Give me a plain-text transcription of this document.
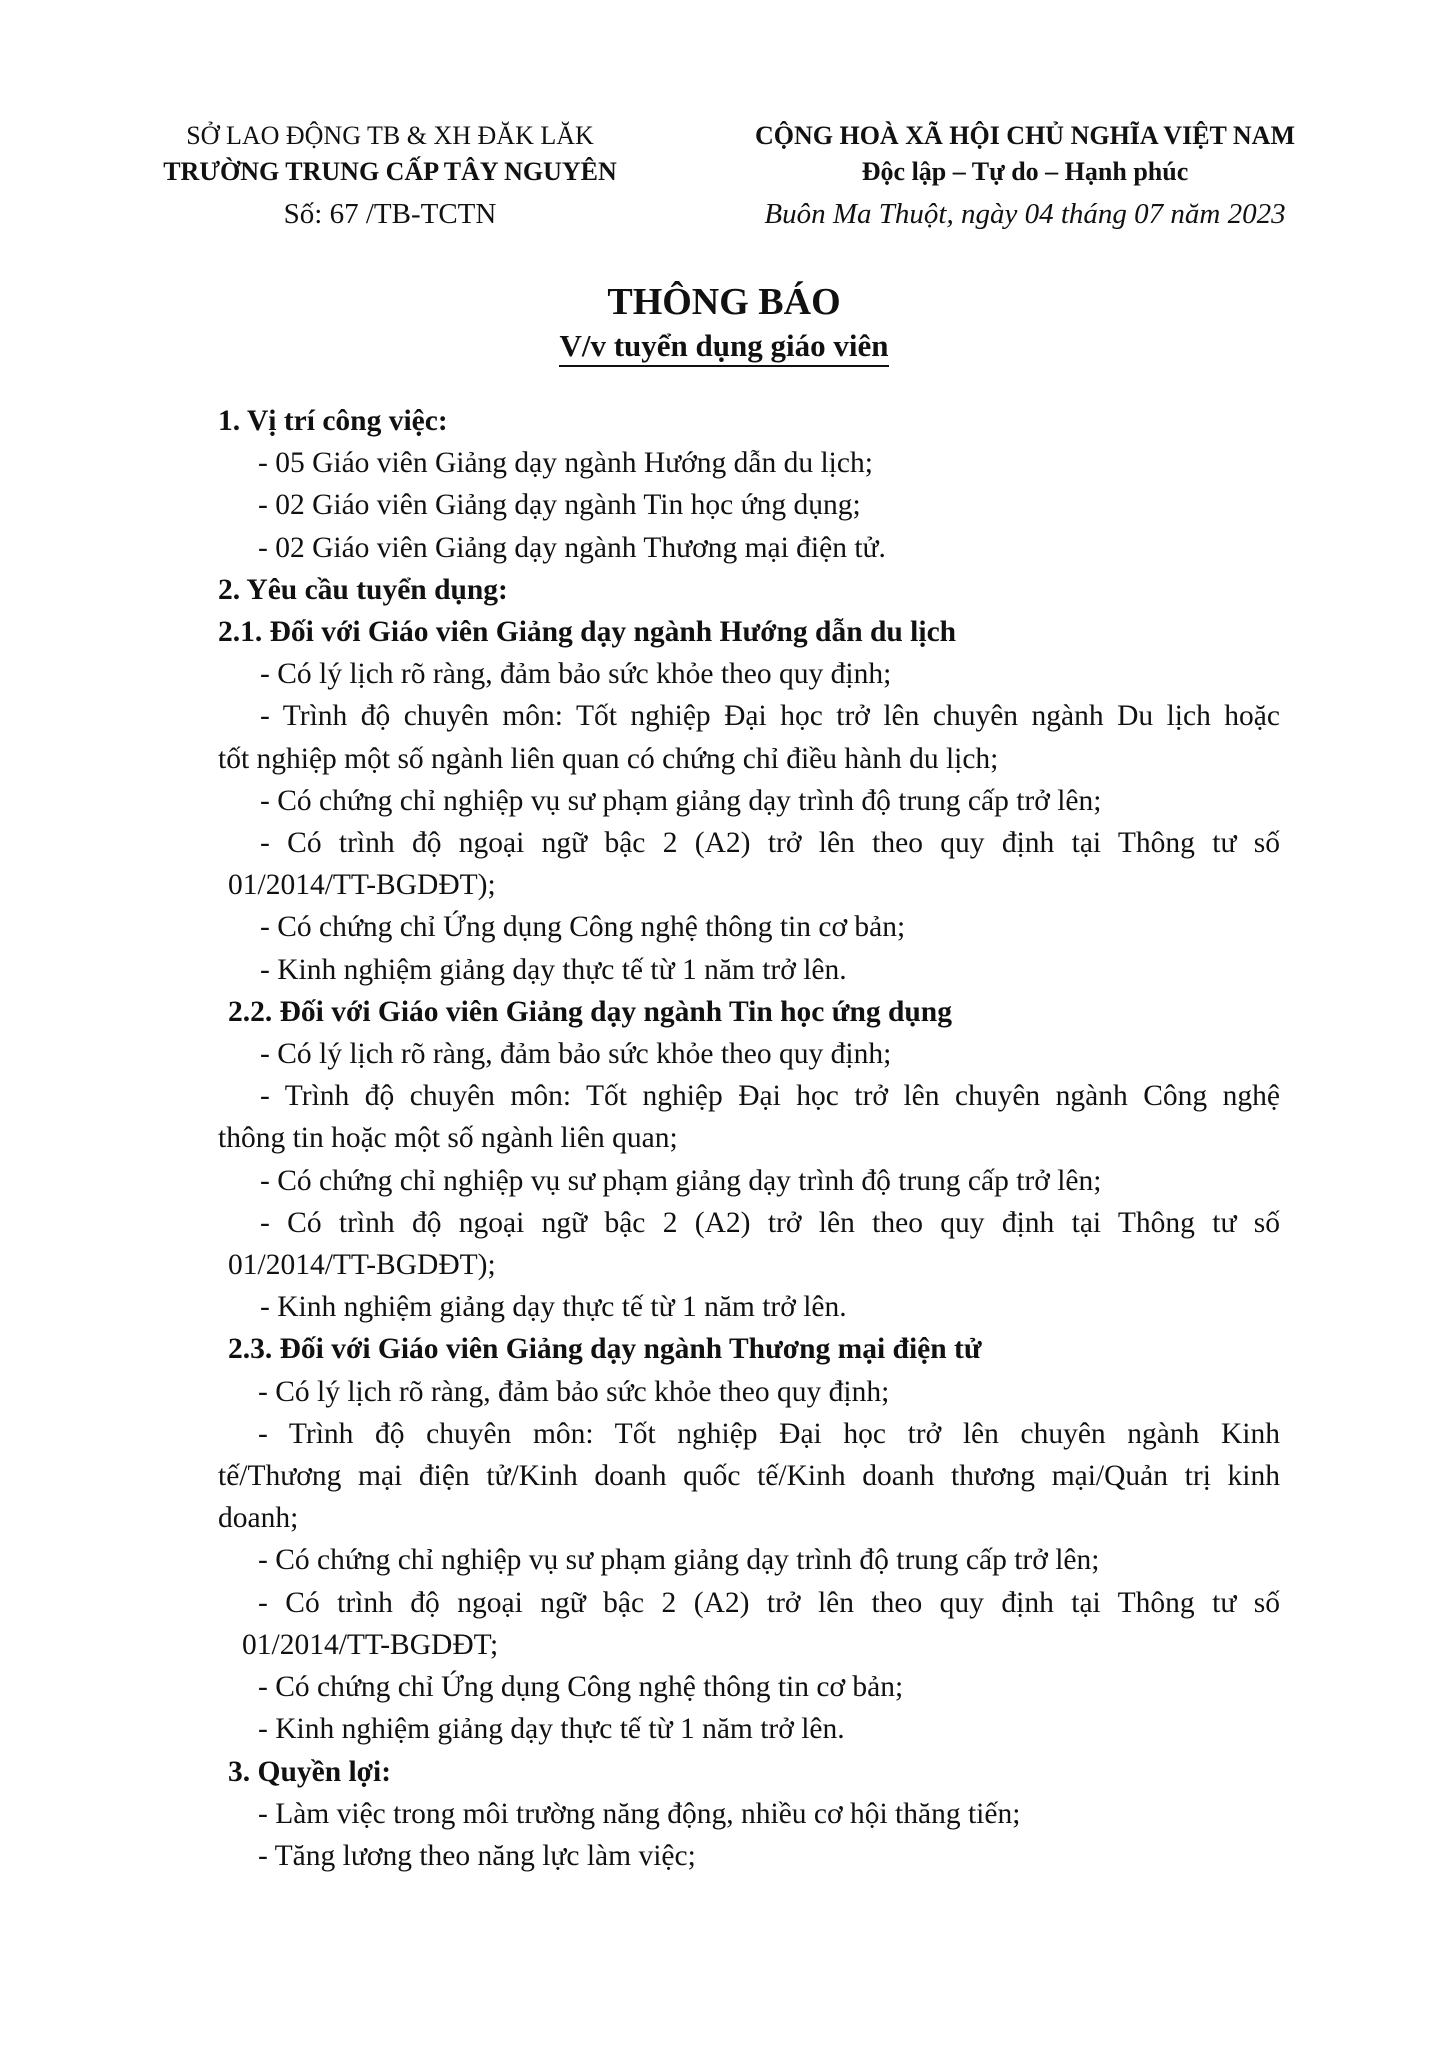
SỞ LAO ĐỘNG TB & XH ĐĂK LĂK
TRƯỜNG TRUNG CẤP TÂY NGUYÊN
CỘNG HOÀ XÃ HỘI CHỦ NGHĨA VIỆT NAM
Độc lập – Tự do – Hạnh phúc
Số: 67 /TB-TCTN	Buôn Ma Thuột, ngày 04 tháng 07 năm 2023
THÔNG BÁO
V/v tuyển dụng giáo viên

1. Vị trí công việc:

- 05 Giáo viên Giảng dạy ngành Hướng dẫn du lịch;

- 02 Giáo viên Giảng dạy ngành Tin học ứng dụng;

- 02 Giáo viên Giảng dạy ngành Thương mại điện tử.

2. Yêu cầu tuyển dụng:

2.1. Đối với Giáo viên Giảng dạy ngành Hướng dẫn du lịch

- Có lý lịch rõ ràng, đảm bảo sức khỏe theo quy định;

- Trình độ chuyên môn: Tốt nghiệp Đại học trở lên chuyên ngành Du lịch hoặc

tốt nghiệp một số ngành liên quan có chứng chỉ điều hành du lịch;

- Có chứng chỉ nghiệp vụ sư phạm giảng dạy trình độ trung cấp trở lên;

- Có trình độ ngoại ngữ bậc 2 (A2) trở lên theo quy định tại Thông tư số

01/2014/TT-BGDĐT);

- Có chứng chỉ Ứng dụng Công nghệ thông tin cơ bản;

- Kinh nghiệm giảng dạy thực tế từ 1 năm trở lên.

2.2. Đối với Giáo viên Giảng dạy ngành Tin học ứng dụng

- Có lý lịch rõ ràng, đảm bảo sức khỏe theo quy định;

- Trình độ chuyên môn: Tốt nghiệp Đại học trở lên chuyên ngành Công nghệ

thông tin hoặc một số ngành liên quan;

- Có chứng chỉ nghiệp vụ sư phạm giảng dạy trình độ trung cấp trở lên;

- Có trình độ ngoại ngữ bậc 2 (A2) trở lên theo quy định tại Thông tư số

01/2014/TT-BGDĐT);

- Kinh nghiệm giảng dạy thực tế từ 1 năm trở lên.

2.3. Đối với Giáo viên Giảng dạy ngành Thương mại điện tử

- Có lý lịch rõ ràng, đảm bảo sức khỏe theo quy định;

- Trình độ chuyên môn: Tốt nghiệp Đại học trở lên chuyên ngành Kinh

tế/Thương mại điện tử/Kinh doanh quốc tế/Kinh doanh thương mại/Quản trị kinh

doanh;

- Có chứng chỉ nghiệp vụ sư phạm giảng dạy trình độ trung cấp trở lên;

- Có trình độ ngoại ngữ bậc 2 (A2) trở lên theo quy định tại Thông tư số

01/2014/TT-BGDĐT;

- Có chứng chỉ Ứng dụng Công nghệ thông tin cơ bản;

- Kinh nghiệm giảng dạy thực tế từ 1 năm trở lên.

3. Quyền lợi:

- Làm việc trong môi trường năng động, nhiều cơ hội thăng tiến;

- Tăng lương theo năng lực làm việc;
